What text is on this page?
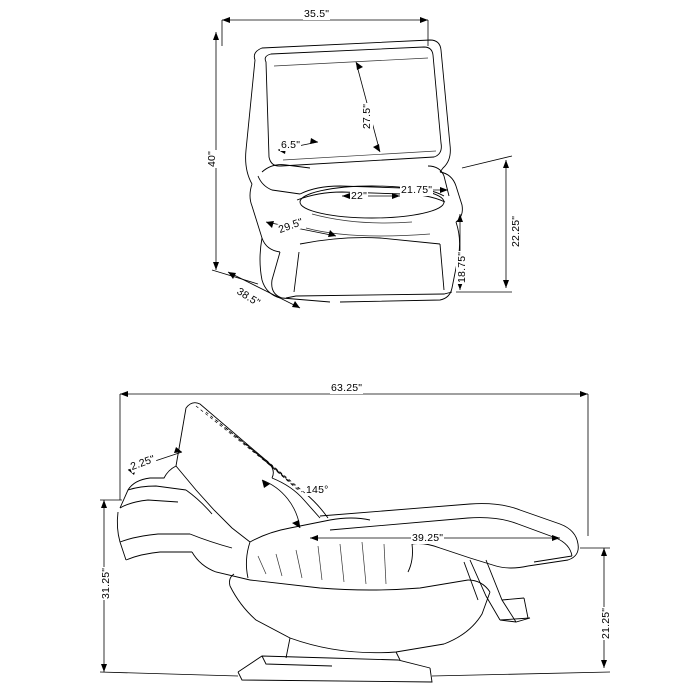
35.5"
40"
27.5"
6.5"
22"	21.75"
29.5"
38.5"
22.25"
18.75"
63.25"
2.25"
145°
39.25"
31.25"
21.25"
